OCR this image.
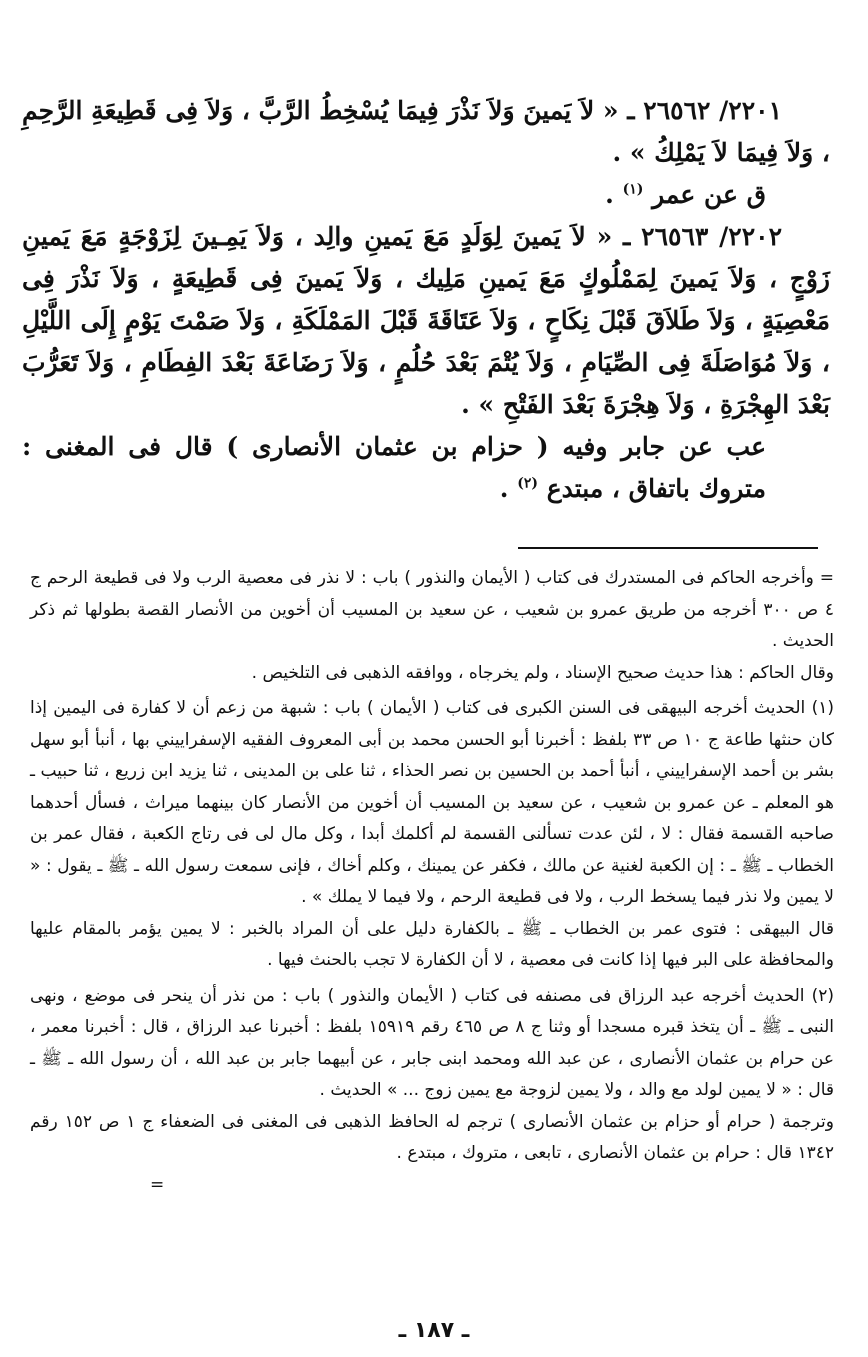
٢٢٠١/ ٢٦٥٦٢ ـ « لاَ يَمينَ وَلاَ نَذْرَ فِيمَا يُسْخِطُ الرَّبَّ ، وَلاَ فِى قَطِيعَةِ الرَّحِمِ ، وَلاَ فِيمَا لاَ يَمْلِكُ » .

ق عن عمر $^{(١)}$ .

٢٢٠٢/ ٢٦٥٦٣ ـ « لاَ يَمينَ لِوَلَدٍ مَعَ يَمينِ والِد ، وَلاَ يَمِـينَ لِزَوْجَةٍ مَعَ يَمينِ زَوْجٍ ، وَلاَ يَمينَ لِمَمْلُوكٍ مَعَ يَمينِ مَلِيك ، وَلاَ يَمينَ فِى قَطِيعَةٍ ، وَلاَ نَذْرَ فِى مَعْصِيَةٍ ، وَلاَ طَلاَقَ قَبْلَ نِكَاحٍ ، وَلاَ عَتَاقَةَ قَبْلَ المَمْلَكَةِ ، وَلاَ صَمْتَ يَوْمٍ إِلَى اللَّيْلِ ، وَلاَ مُوَاصَلَةَ فِى الصِّيَامِ ، وَلاَ يُتْمَ بَعْدَ حُلُمٍ ، وَلاَ رَضَاعَةَ بَعْدَ الفِطَامِ ، وَلاَ تَعَرُّبَ بَعْدَ الهِجْرَةِ ، وَلاَ هِجْرَةَ بَعْدَ الفَتْحِ » .

عب عن جابر وفيه ( حزام بن عثمان الأنصارى ) قال فى المغنى : متروك باتفاق ، مبتدع $^{(٢)}$ .

= وأخرجه الحاكم فى المستدرك فى كتاب ( الأيمان والنذور ) باب : لا نذر فى معصية الرب ولا فى قطيعة الرحم ج ٤ ص ٣٠٠ أخرجه من طريق عمرو بن شعيب ، عن سعيد بن المسيب أن أخوين من الأنصار القصة بطولها ثم ذكر الحديث .

وقال الحاكم : هذا حديث صحيح الإسناد ، ولم يخرجاه ، ووافقه الذهبى فى التلخيص .

(١) الحديث أخرجه البيهقى فى السنن الكبرى فى كتاب ( الأيمان ) باب : شبهة من زعم أن لا كفارة فى اليمين إذا كان حنثها طاعة ج ١٠ ص ٣٣ بلفظ : أخبرنا أبو الحسن محمد بن أبى المعروف الفقيه الإسفراييني بها ، أنبأ أبو سهل بشر بن أحمد الإسفراييني ، أنبأ أحمد بن الحسين بن نصر الحذاء ، ثنا على بن المدينى ، ثنا يزيد ابن زريع ، ثنا حبيب ـ هو المعلم ـ عن عمرو بن شعيب ، عن سعيد بن المسيب أن أخوين من الأنصار كان بينهما ميراث ، فسأل أحدهما صاحبه القسمة فقال : لا ، لئن عدت تسألنى القسمة لم أكلمك أبدا ، وكل مال لى فى رتاج الكعبة ، فقال عمر بن الخطاب ـ ﷺ ـ : إن الكعبة لغنية عن مالك ، فكفر عن يمينك ، وكلم أخاك ، فإنى سمعت رسول الله ـ ﷺ ـ يقول : « لا يمين ولا نذر فيما يسخط الرب ، ولا فى قطيعة الرحم ، ولا فيما لا يملك » .

قال البيهقى : فتوى عمر بن الخطاب ـ ﷺ ـ بالكفارة دليل على أن المراد بالخبر : لا يمين يؤمر بالمقام عليها والمحافظة على البر فيها إذا كانت فى معصية ، لا أن الكفارة لا تجب بالحنث فيها .

(٢) الحديث أخرجه عبد الرزاق فى مصنفه فى كتاب ( الأيمان والنذور ) باب : من نذر أن ينحر فى موضع ، ونهى النبى ـ ﷺ ـ أن يتخذ قبره مسجدا أو وثنا ج ٨ ص ٤٦٥ رقم ١٥٩١٩ بلفظ : أخبرنا عبد الرزاق ، قال : أخبرنا معمر ، عن حرام بن عثمان الأنصارى ، عن عبد الله ومحمد ابنى جابر ، عن أبيهما جابر بن عبد الله ، أن رسول الله ـ ﷺ ـ قال : « لا يمين لولد مع والد ، ولا يمين لزوجة مع يمين زوج ... » الحديث .

وترجمة ( حرام أو حزام بن عثمان الأنصارى ) ترجم له الحافظ الذهبى فى المغنى فى الضعفاء ج ١ ص ١٥٢ رقم ١٣٤٢ قال : حرام بن عثمان الأنصارى ، تابعى ، متروك ، مبتدع .

=

ـ ١٨٧ ـ
